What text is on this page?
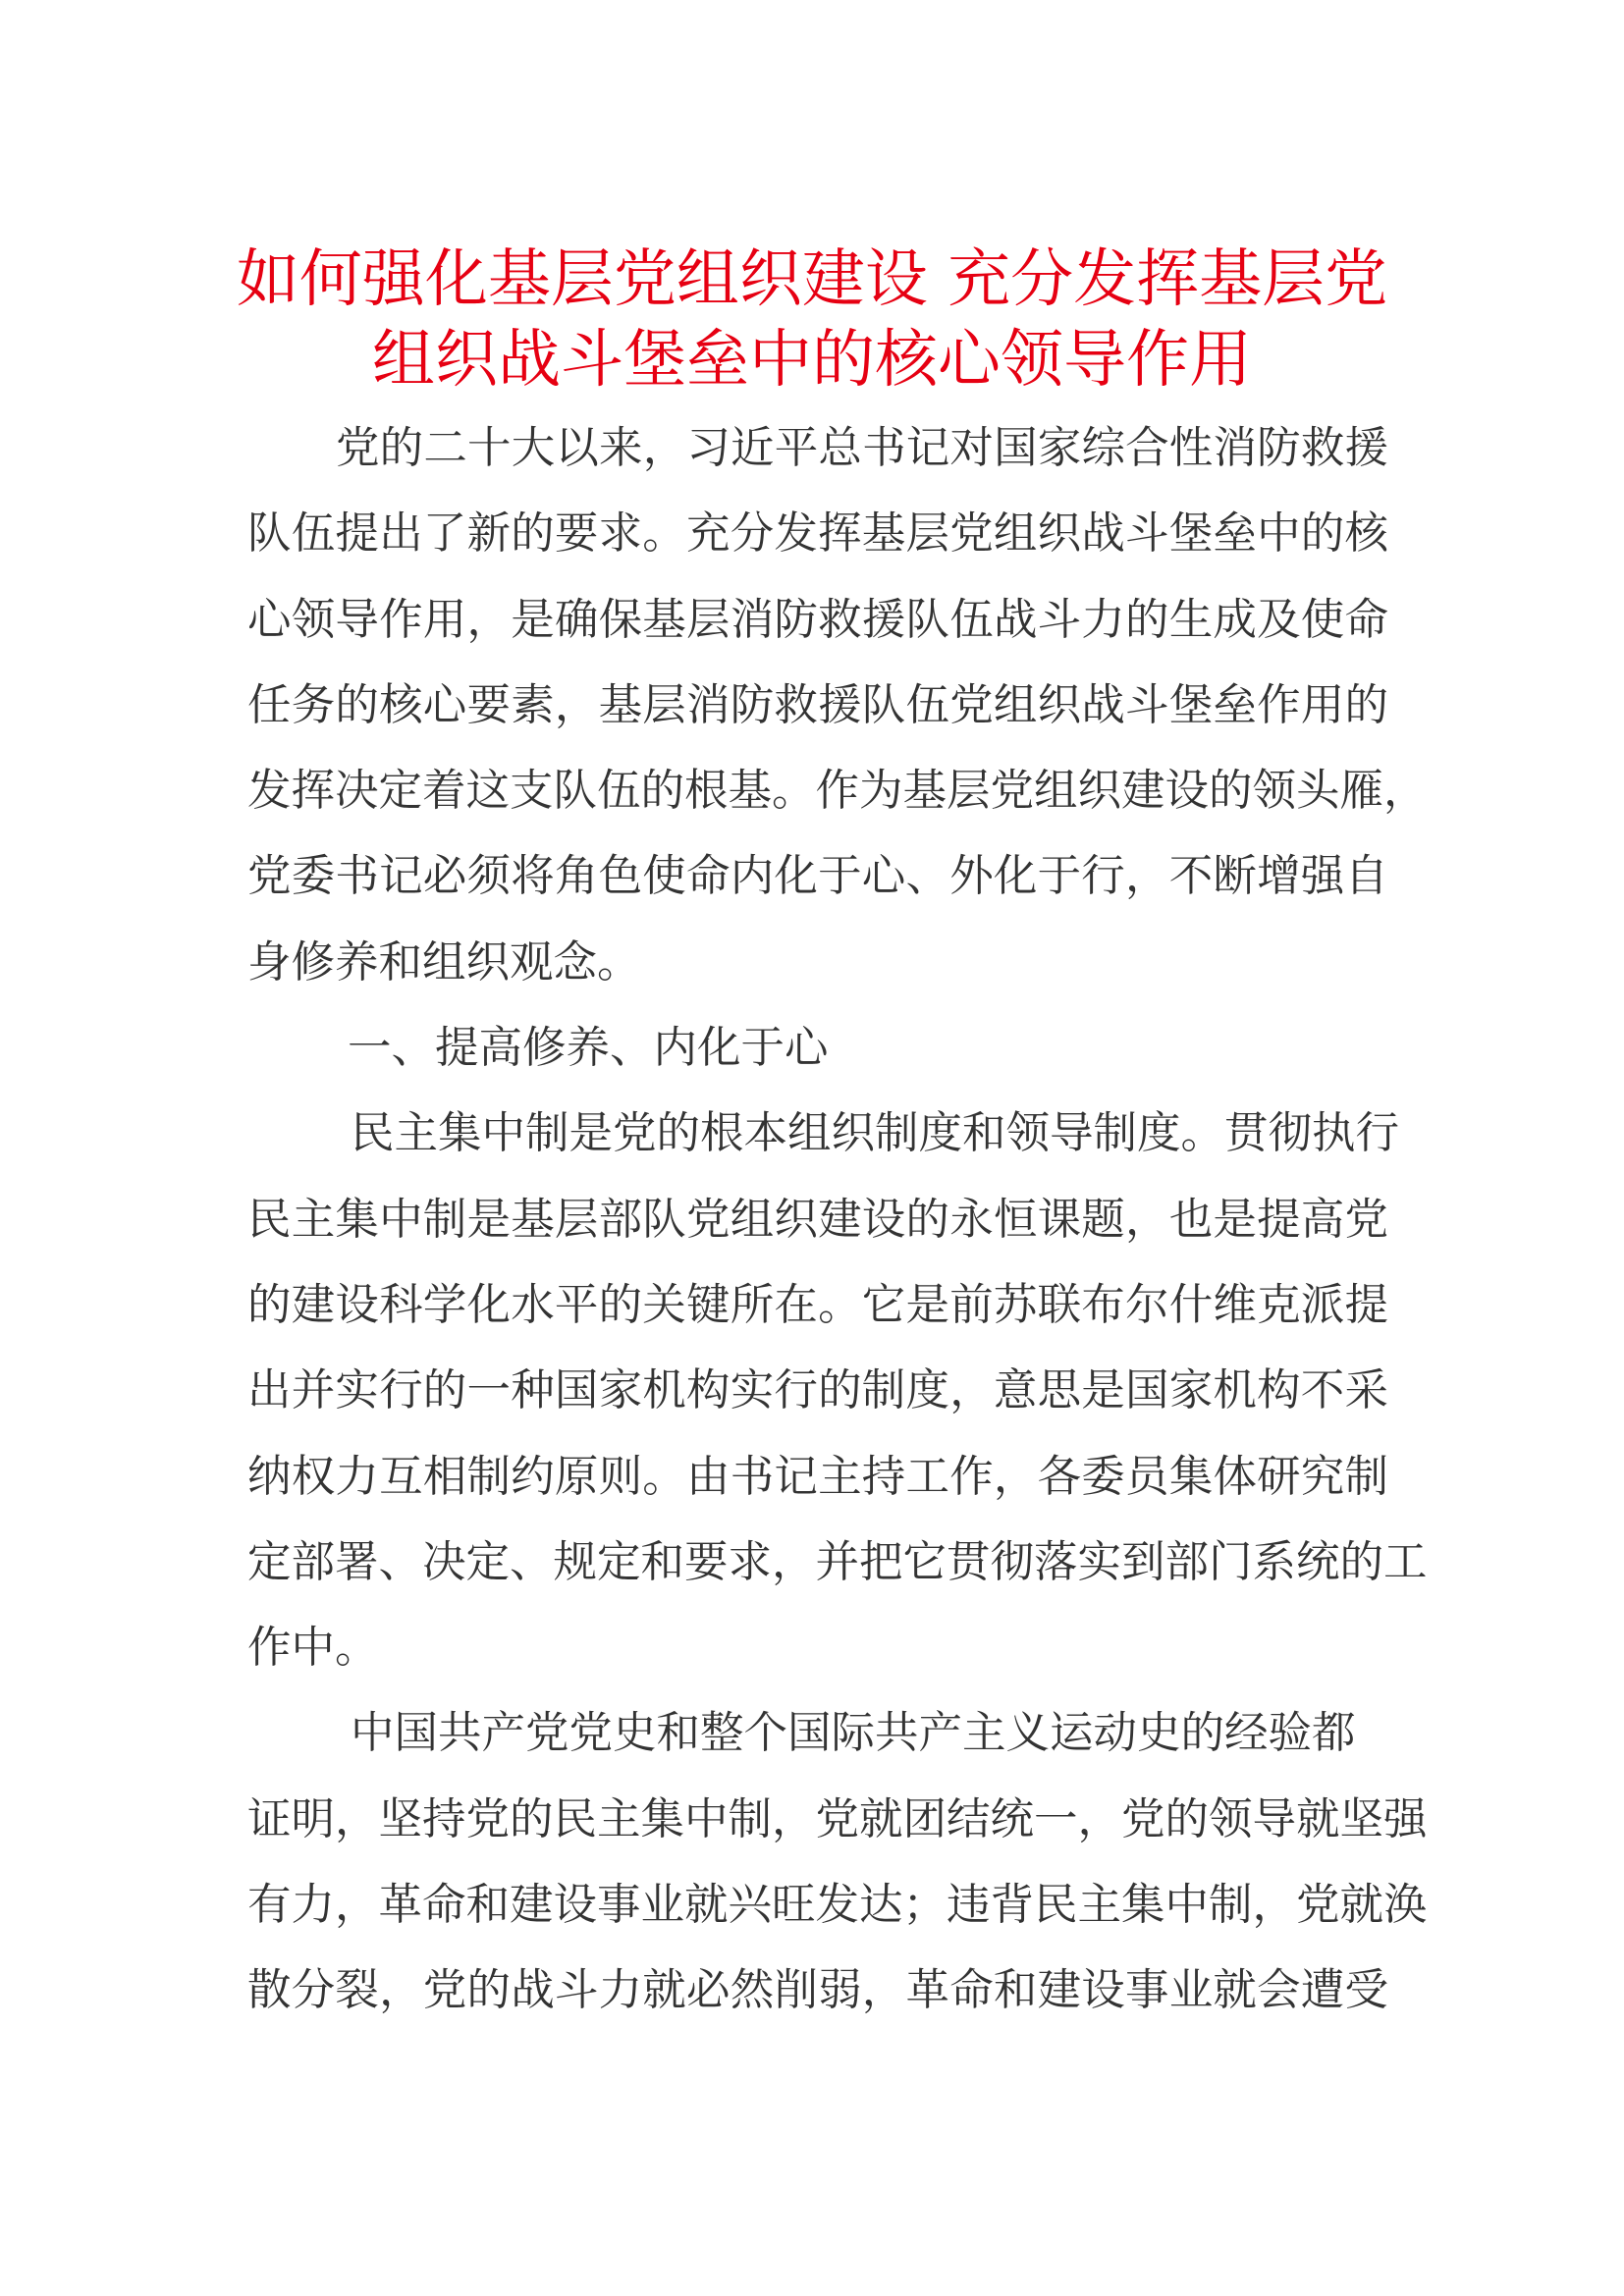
如何强化基层党组织建设 充分发挥基层党
组织战斗堡垒中的核心领导作用
党的二十大以来，习近平总书记对国家综合性消防救援
队伍提出了新的要求。充分发挥基层党组织战斗堡垒中的核
心领导作用，是确保基层消防救援队伍战斗力的生成及使命
任务的核心要素，基层消防救援队伍党组织战斗堡垒作用的
发挥决定着这支队伍的根基。作为基层党组织建设的领头雁，
党委书记必须将角色使命内化于心、外化于行，不断增强自
身修养和组织观念。
一、提高修养、内化于心
民主集中制是党的根本组织制度和领导制度。贯彻执行
民主集中制是基层部队党组织建设的永恒课题，也是提高党
的建设科学化水平的关键所在。它是前苏联布尔什维克派提
出并实行的一种国家机构实行的制度，意思是国家机构不采
纳权力互相制约原则。由书记主持工作，各委员集体研究制
定部署、决定、规定和要求，并把它贯彻落实到部门系统的工
作中。
中国共产党党史和整个国际共产主义运动史的经验都
证明，坚持党的民主集中制，党就团结统一，党的领导就坚强
有力，革命和建设事业就兴旺发达；违背民主集中制，党就涣
散分裂，党的战斗力就必然削弱，革命和建设事业就会遭受
